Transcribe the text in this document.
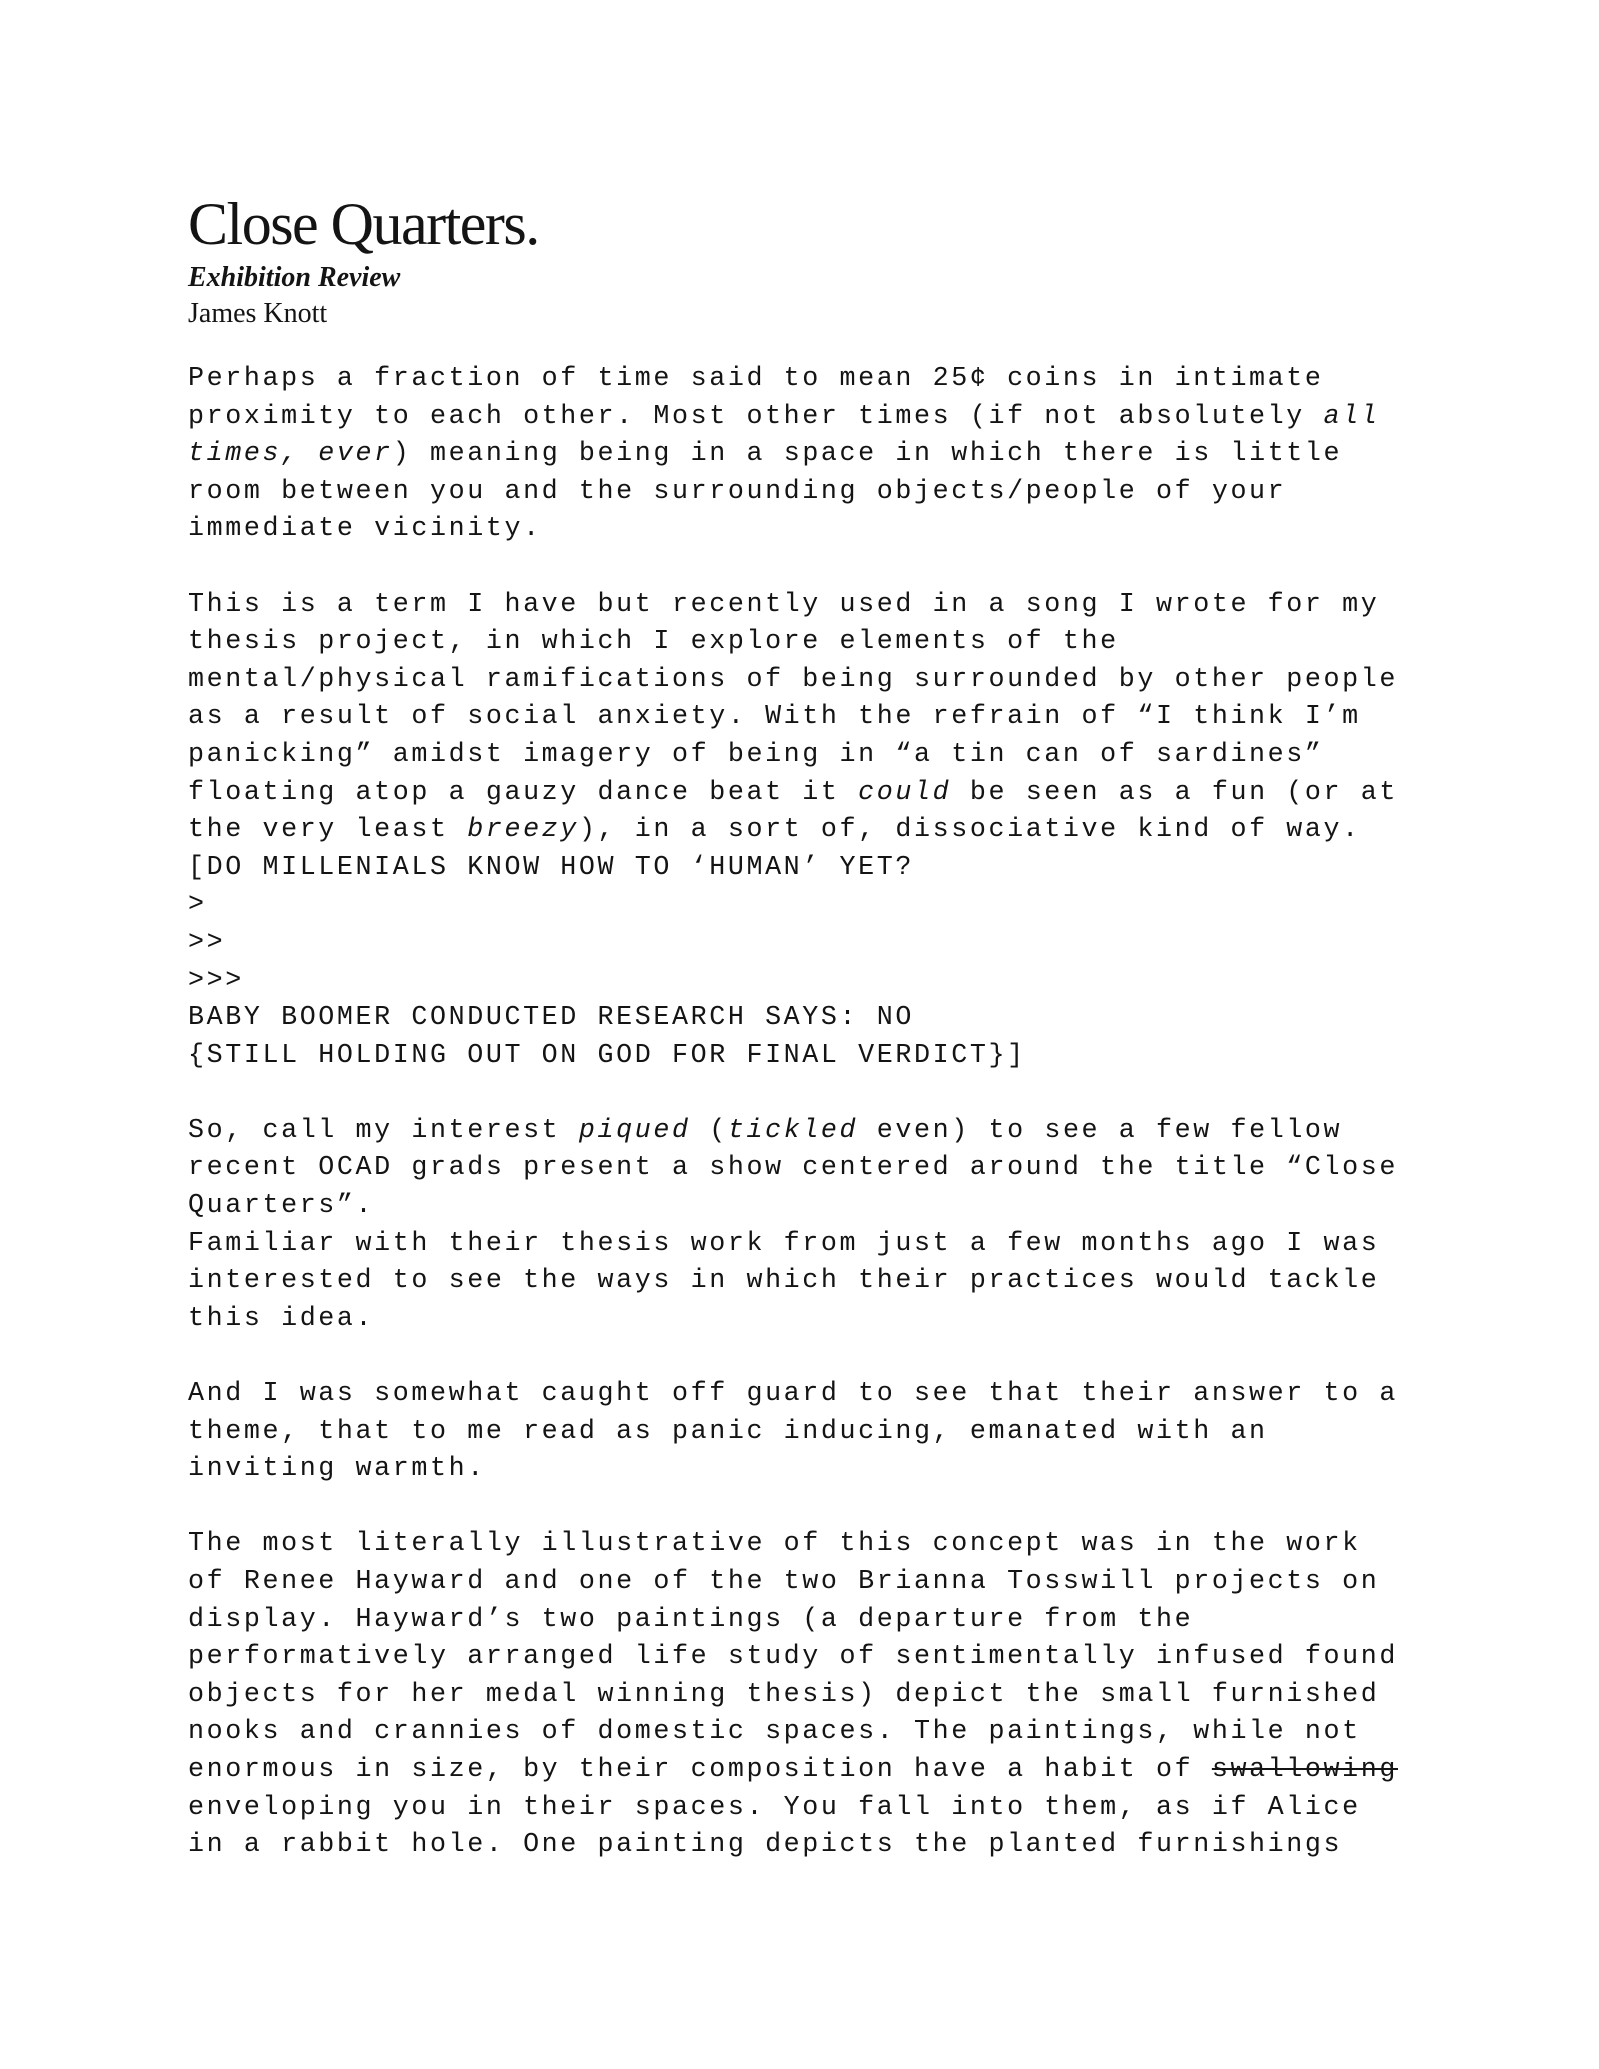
Close Quarters.
Exhibition Review
James Knott
Perhaps a fraction of time said to mean 25¢ coins in intimate
proximity to each other. Most other times (if not absolutely all
times, ever) meaning being in a space in which there is little
room between you and the surrounding objects/people of your
immediate vicinity.
This is a term I have but recently used in a song I wrote for my
thesis project, in which I explore elements of the
mental/physical ramifications of being surrounded by other people
as a result of social anxiety. With the refrain of “I think I’m
panicking” amidst imagery of being in “a tin can of sardines”
floating atop a gauzy dance beat it could be seen as a fun (or at
the very least breezy), in a sort of, dissociative kind of way.
[DO MILLENIALS KNOW HOW TO ‘HUMAN’ YET?
>
>>
>>>
BABY BOOMER CONDUCTED RESEARCH SAYS: NO
{STILL HOLDING OUT ON GOD FOR FINAL VERDICT}]
So, call my interest piqued (tickled even) to see a few fellow
recent OCAD grads present a show centered around the title “Close
Quarters”.
Familiar with their thesis work from just a few months ago I was
interested to see the ways in which their practices would tackle
this idea.
And I was somewhat caught off guard to see that their answer to a
theme, that to me read as panic inducing, emanated with an
inviting warmth.
The most literally illustrative of this concept was in the work
of Renee Hayward and one of the two Brianna Tosswill projects on
display. Hayward’s two paintings (a departure from the
performatively arranged life study of sentimentally infused found
objects for her medal winning thesis) depict the small furnished
nooks and crannies of domestic spaces. The paintings, while not
enormous in size, by their composition have a habit of swallowing
enveloping you in their spaces. You fall into them, as if Alice
in a rabbit hole. One painting depicts the planted furnishings
